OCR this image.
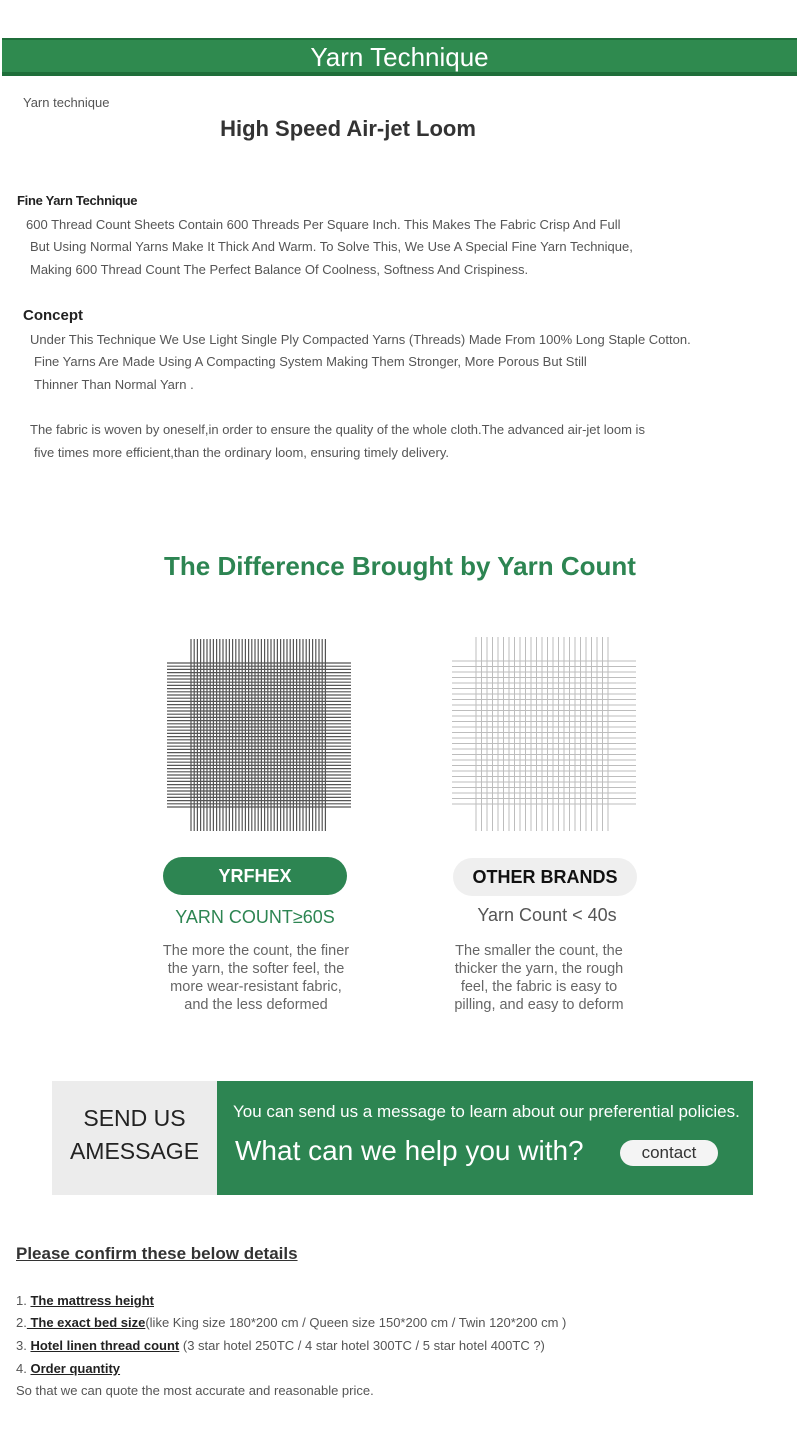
Yarn Technique
Yarn technique
High Speed Air-jet Loom
Fine Yarn Technique
600 Thread Count Sheets Contain 600 Threads Per Square Inch. This Makes The Fabric Crisp And Full
But Using Normal Yarns Make It Thick And Warm. To Solve This, We Use A Special Fine Yarn Technique,
Making 600 Thread Count The Perfect Balance Of Coolness, Softness And Crispiness.
Concept
Under This Technique We Use Light Single Ply Compacted Yarns (Threads) Made From 100% Long Staple Cotton.
Fine Yarns Are Made Using A Compacting System Making Them Stronger, More Porous But Still
Thinner Than Normal Yarn .
The fabric is woven by oneself,in order to ensure the quality of the whole cloth.The advanced air-jet loom is
five times more efficient,than the ordinary loom, ensuring timely delivery.
The Difference Brought by Yarn Count
YRFHEX	OTHER BRANDS
YARN COUNT≥60S	Yarn Count < 40s
The more the count, the finer
the yarn, the softer feel, the
more wear-resistant fabric,
and the less deformed
The smaller the count, the
thicker the yarn, the rough
feel, the fabric is easy to
pilling, and easy to deform
SEND US
AMESSAGE
You can send us a message to learn about our preferential policies.
What can we help you with?	contact
Please confirm these below details
1. The mattress height
2. The exact bed size(like King size 180*200 cm / Queen size 150*200 cm / Twin 120*200 cm )
3. Hotel linen thread count (3 star hotel 250TC / 4 star hotel 300TC / 5 star hotel 400TC ?)
4. Order quantity
So that we can quote the most accurate and reasonable price.
